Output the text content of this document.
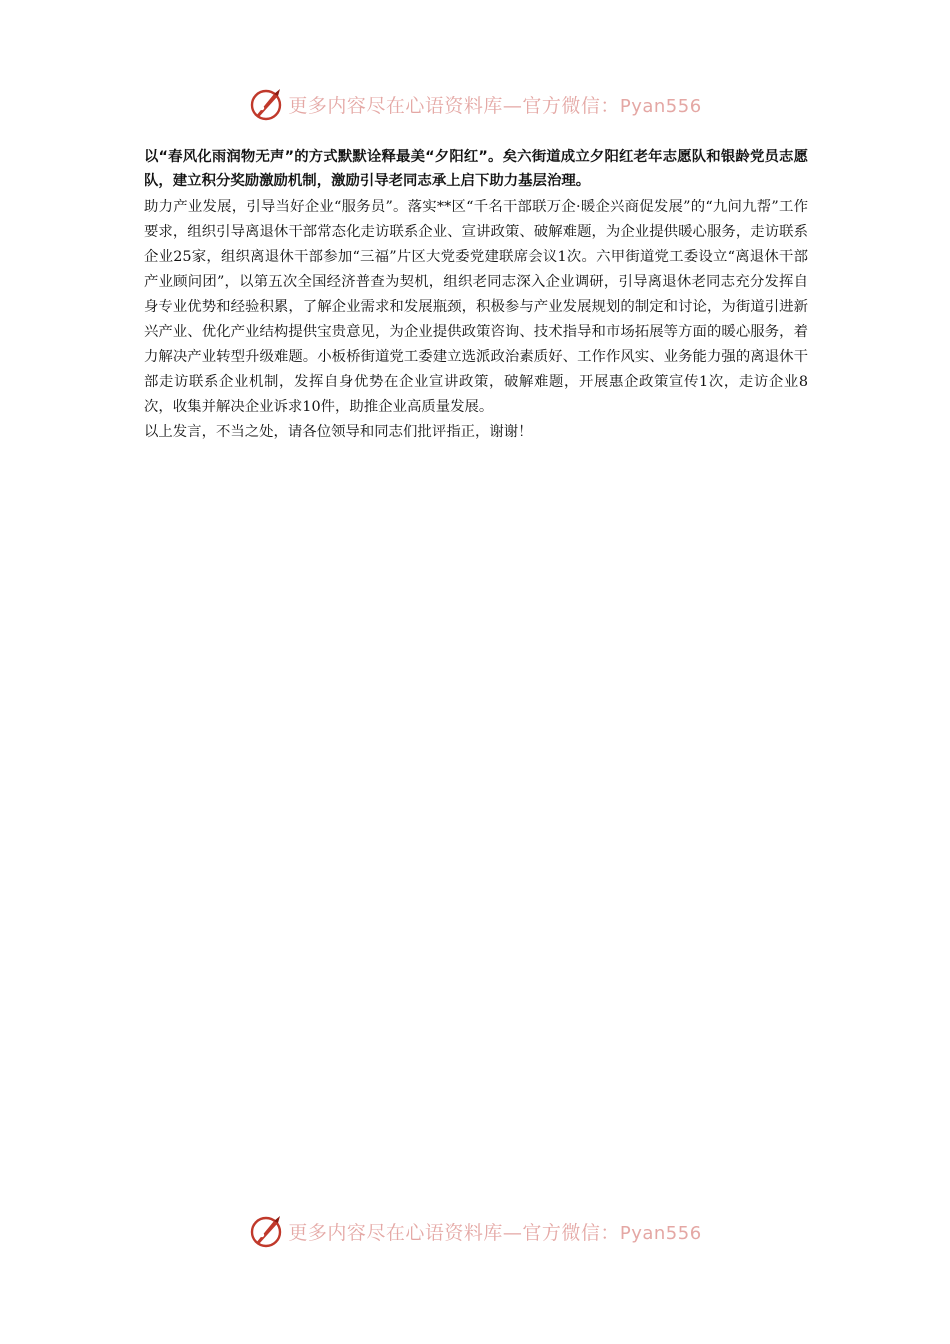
更多内容尽在心语资料库—官方微信：Pyan556

以“春风化雨润物无声”的方式默默诠释最美“夕阳红”。矣六街道成立夕阳红老年志愿队和银龄党员志愿队，建立积分奖励激励机制，激励引导老同志承上启下助力基层治理。

助力产业发展，引导当好企业“服务员”。落实**区“千名干部联万企·暖企兴商促发展”的“九问九帮”工作要求，组织引导离退休干部常态化走访联系企业、宣讲政策、破解难题，为企业提供暖心服务，走访联系企业25家，组织离退休干部参加“三福”片区大党委党建联席会议1次。六甲街道党工委设立“离退休干部产业顾问团”，以第五次全国经济普查为契机，组织老同志深入企业调研，引导离退休老同志充分发挥自身专业优势和经验积累，了解企业需求和发展瓶颈，积极参与产业发展规划的制定和讨论，为街道引进新兴产业、优化产业结构提供宝贵意见，为企业提供政策咨询、技术指导和市场拓展等方面的暖心服务，着力解决产业转型升级难题。小板桥街道党工委建立选派政治素质好、工作作风实、业务能力强的离退休干部走访联系企业机制，发挥自身优势在企业宣讲政策，破解难题，开展惠企政策宣传1次，走访企业8次，收集并解决企业诉求10件，助推企业高质量发展。

以上发言，不当之处，请各位领导和同志们批评指正，谢谢！

更多内容尽在心语资料库—官方微信：Pyan556
